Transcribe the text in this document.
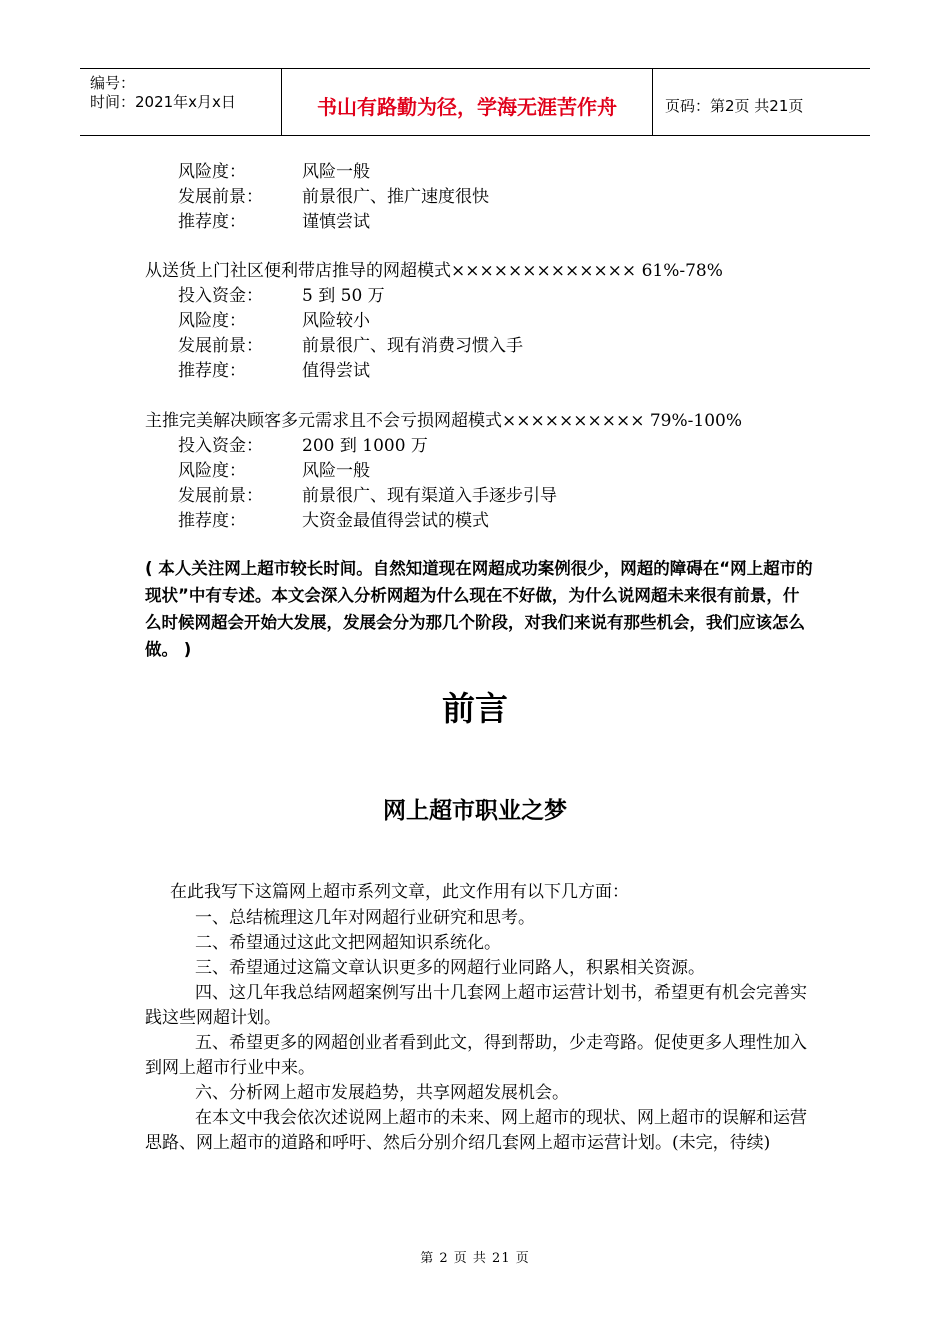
编号：
时间：2021年x月x日	书山有路勤为径，学海无涯苦作舟	页码：第2页 共21页
风险度：	风险一般
发展前景： 前景很广、推广速度很快
推荐度：	谨慎尝试
从送货上门社区便利带店推导的网超模式××××××××××××× 61%-78%
投入资金： 5 到 50 万
风险度：	风险较小
发展前景： 前景很广、现有消费习惯入手
推荐度：	值得尝试
主推完美解决顾客多元需求且不会亏损网超模式×××××××××× 79%-100%
投入资金： 200 到 1000 万
风险度：	风险一般
发展前景： 前景很广、现有渠道入手逐步引导
推荐度：	大资金最值得尝试的模式
( 本人关注网上超市较长时间。自然知道现在网超成功案例很少，网超的障碍在“网上超市的现状”中有专述。本文会深入分析网超为什么现在不好做，为什么说网超未来很有前景，什么时候网超会开始大发展，发展会分为那几个阶段，对我们来说有那些机会，我们应该怎么做。 )
前言
网上超市职业之梦
在此我写下这篇网上超市系列文章，此文作用有以下几方面：
一、总结梳理这几年对网超行业研究和思考。
二、希望通过这此文把网超知识系统化。
三、希望通过这篇文章认识更多的网超行业同路人，积累相关资源。
四、这几年我总结网超案例写出十几套网上超市运营计划书，希望更有机会完善实践这些网超计划。
五、希望更多的网超创业者看到此文，得到帮助，少走弯路。促使更多人理性加入到网上超市行业中来。
六、分析网上超市发展趋势，共享网超发展机会。
在本文中我会依次述说网上超市的未来、网上超市的现状、网上超市的误解和运营思路、网上超市的道路和呼吁、然后分别介绍几套网上超市运营计划。(未完，待续)
第 2 页 共 21 页
